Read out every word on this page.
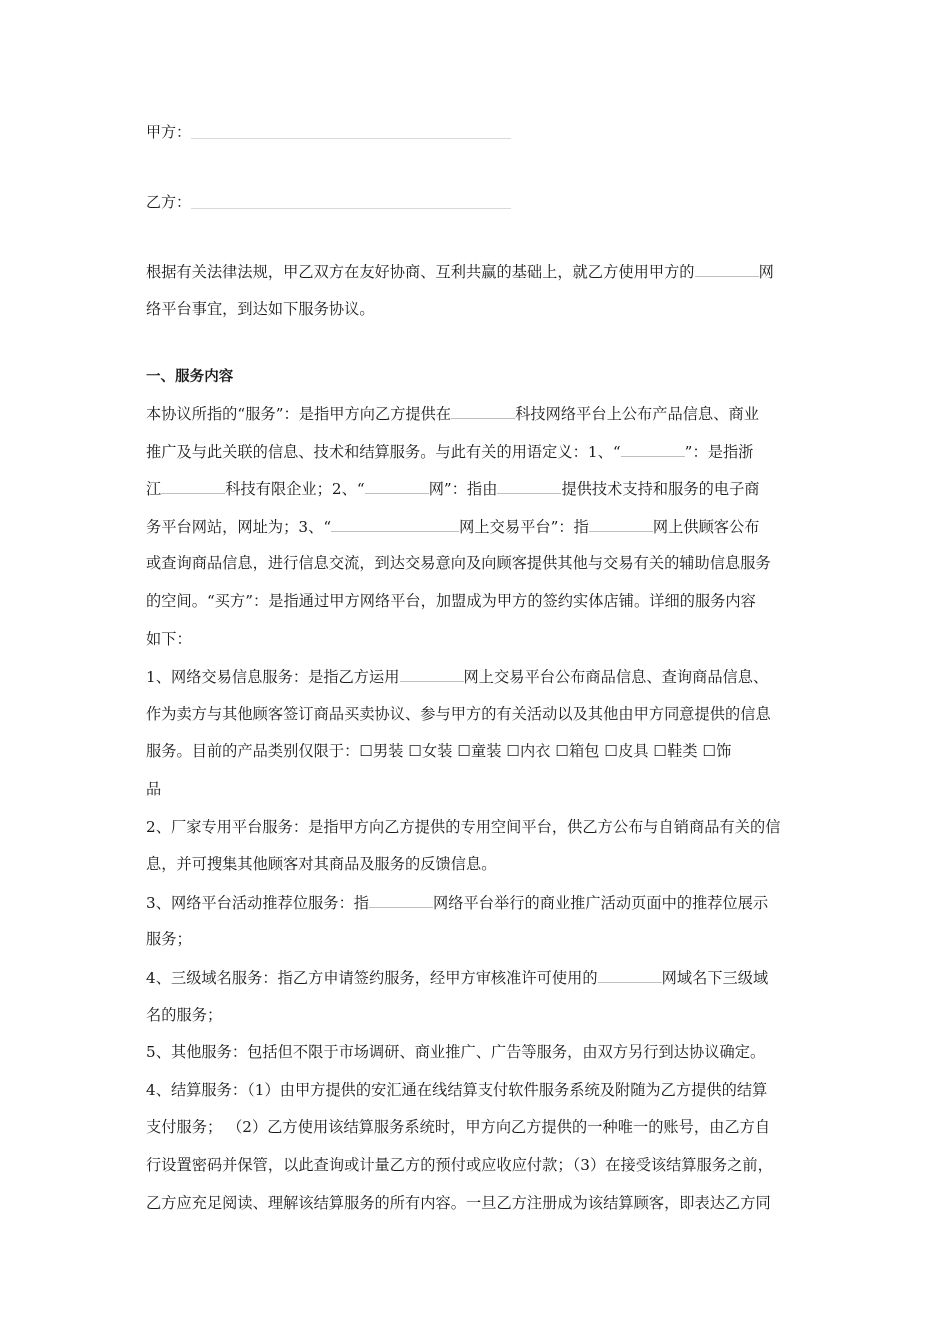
甲方：
乙方：
根据有关法律法规，甲乙双方在友好协商、互利共赢的基础上，就乙方使用甲方的	网
络平台事宜，到达如下服务协议。
一、服务内容
本协议所指的“服务”：是指甲方向乙方提供在	科技网络平台上公布产品信息、商业
推广及与此关联的信息、技术和结算服务。与此有关的用语定义：1、“	”：是指浙
江	科技有限企业；2、“	网”：指由	提供技术支持和服务的电子商
务平台网站，网址为；3、“	网上交易平台”：指	网上供顾客公布
或查询商品信息，进行信息交流，到达交易意向及向顾客提供其他与交易有关的辅助信息服务
的空间。“买方”：是指通过甲方网络平台，加盟成为甲方的签约实体店铺。详细的服务内容
如下：
1、网络交易信息服务：是指乙方运用	网上交易平台公布商品信息、查询商品信息、
作为卖方与其他顾客签订商品买卖协议、参与甲方的有关活动以及其他由甲方同意提供的信息
服务。目前的产品类别仅限于：☐男装 ☐女装 ☐童装 ☐内衣 ☐箱包 ☐皮具 ☐鞋类 ☐饰
品
2、厂家专用平台服务：是指甲方向乙方提供的专用空间平台，供乙方公布与自销商品有关的信
息，并可搜集其他顾客对其商品及服务的反馈信息。
3、网络平台活动推荐位服务：指	网络平台举行的商业推广活动页面中的推荐位展示
服务；
4、三级域名服务：指乙方申请签约服务，经甲方审核准许可使用的	网域名下三级域
名的服务；
5、其他服务：包括但不限于市场调研、商业推广、广告等服务，由双方另行到达协议确定。
4、结算服务：（1）由甲方提供的安汇通在线结算支付软件服务系统及附随为乙方提供的结算
支付服务； （2）乙方使用该结算服务系统时，甲方向乙方提供的一种唯一的账号，由乙方自
行设置密码并保管，以此查询或计量乙方的预付或应收应付款；（3）在接受该结算服务之前，
乙方应充足阅读、理解该结算服务的所有内容。一旦乙方注册成为该结算顾客，即表达乙方同
